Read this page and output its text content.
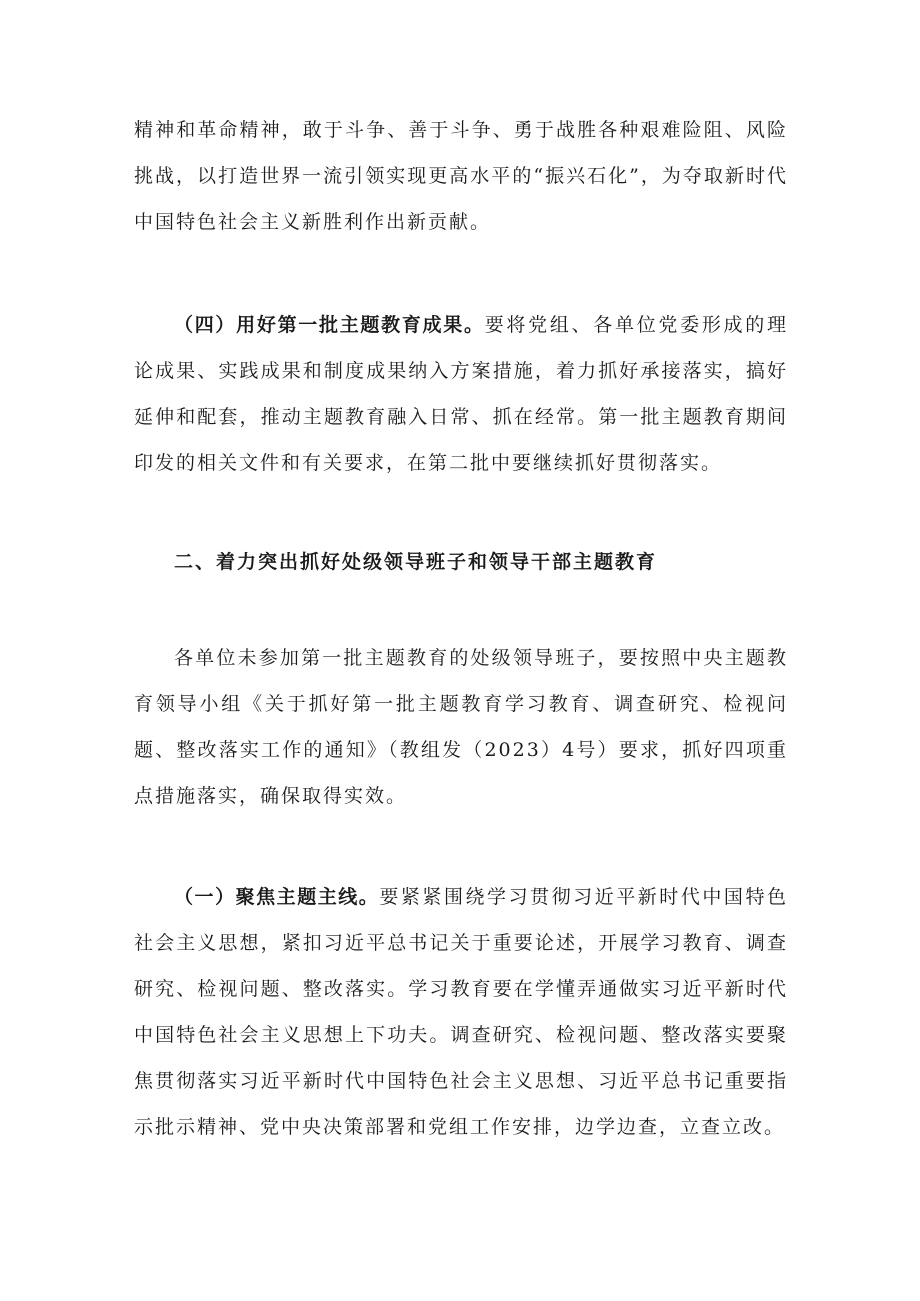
精神和革命精神，敢于斗争、善于斗争、勇于战胜各种艰难险阻、风险挑战，以打造世界一流引领实现更高水平的“振兴石化”，为夺取新时代中国特色社会主义新胜利作出新贡献。

（四）用好第一批主题教育成果。要将党组、各单位党委形成的理论成果、实践成果和制度成果纳入方案措施，着力抓好承接落实，搞好延伸和配套，推动主题教育融入日常、抓在经常。第一批主题教育期间印发的相关文件和有关要求，在第二批中要继续抓好贯彻落实。

二、着力突出抓好处级领导班子和领导干部主题教育

各单位未参加第一批主题教育的处级领导班子，要按照中央主题教育领导小组《关于抓好第一批主题教育学习教育、调查研究、检视问题、整改落实工作的通知》（教组发（2023）4号）要求，抓好四项重点措施落实，确保取得实效。

（一）聚焦主题主线。要紧紧围绕学习贯彻习近平新时代中国特色社会主义思想，紧扣习近平总书记关于重要论述，开展学习教育、调查研究、检视问题、整改落实。学习教育要在学懂弄通做实习近平新时代中国特色社会主义思想上下功夫。调查研究、检视问题、整改落实要聚焦贯彻落实习近平新时代中国特色社会主义思想、习近平总书记重要指示批示精神、党中央决策部署和党组工作安排，边学边查，立查立改。
